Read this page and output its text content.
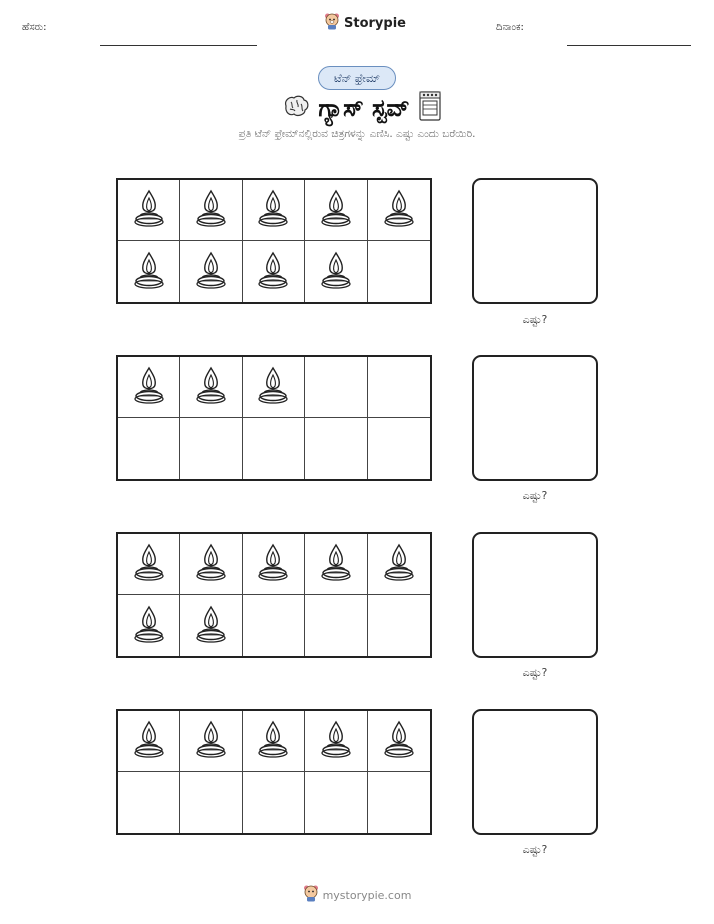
ಹೆಸರು:	Storypie	ದಿನಾಂಕ:
ಟೆನ್ ಫ್ರೇಮ್
ಗ್ಯಾಸ್ ಸ್ಟವ್
ಪ್ರತಿ ಟೆನ್ ಫ್ರೇಮ್‌ನಲ್ಲಿರುವ ಚಿತ್ರಗಳನ್ನು ಎಣಿಸಿ. ಎಷ್ಟು ಎಂದು ಬರೆಯಿರಿ.
ಎಷ್ಟು?
ಎಷ್ಟು?
ಎಷ್ಟು?
ಎಷ್ಟು?
mystorypie.com
